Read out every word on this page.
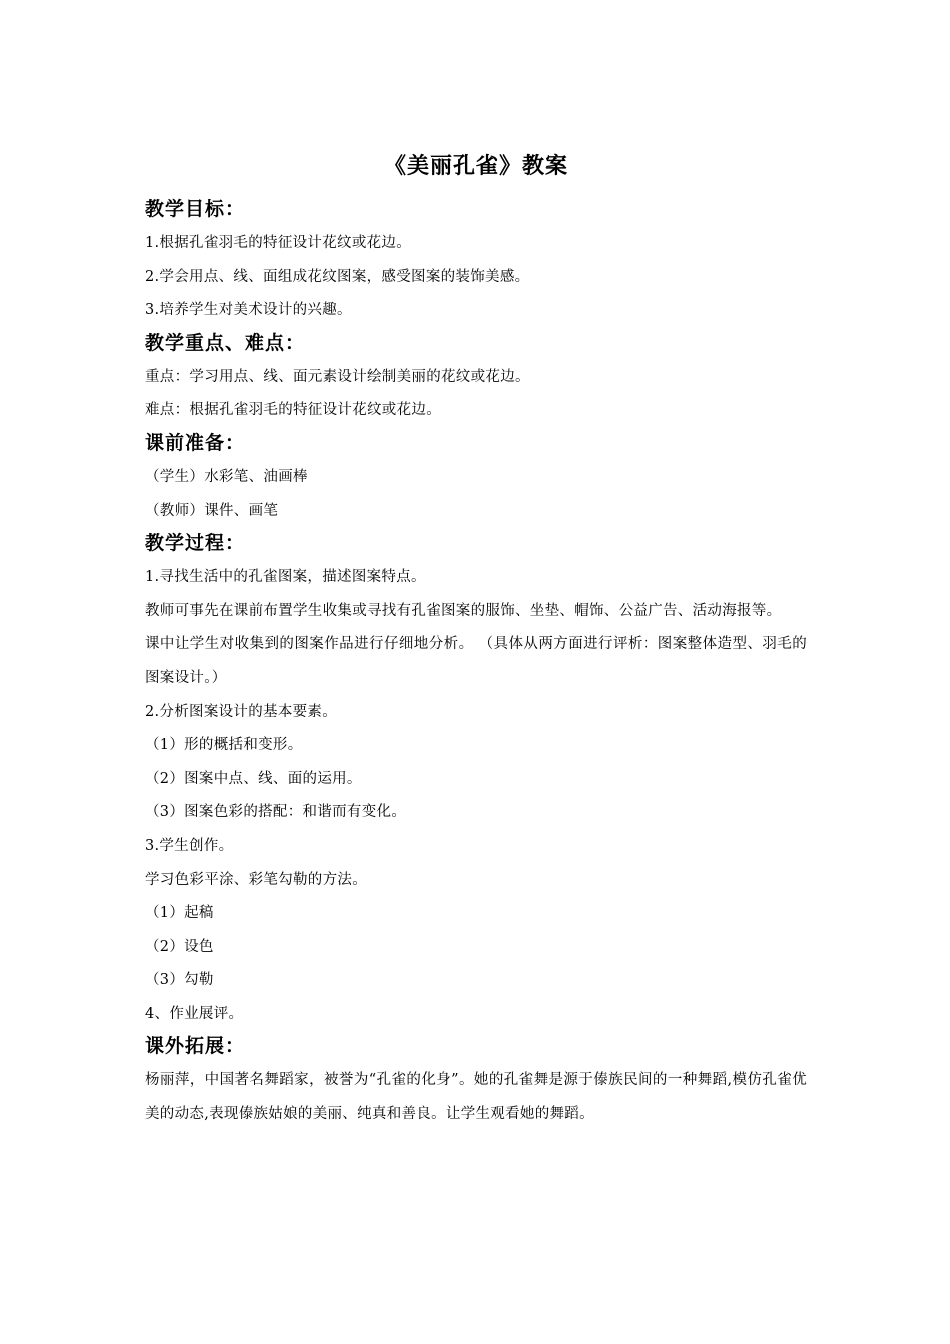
《美丽孔雀》教案
教学目标：

1.根据孔雀羽毛的特征设计花纹或花边。

2.学会用点、线、面组成花纹图案，感受图案的装饰美感。

3.培养学生对美术设计的兴趣。

教学重点、难点：

重点：学习用点、线、面元素设计绘制美丽的花纹或花边。

难点：根据孔雀羽毛的特征设计花纹或花边。

课前准备：

（学生）水彩笔、油画棒

（教师）课件、画笔

教学过程：

1.寻找生活中的孔雀图案，描述图案特点。

教师可事先在课前布置学生收集或寻找有孔雀图案的服饰、坐垫、帽饰、公益广告、活动海报等。

课中让学生对收集到的图案作品进行仔细地分析。 （具体从两方面进行评析：图案整体造型、羽毛的图案设计。）

2.分析图案设计的基本要素。

（1）形的概括和变形。

（2）图案中点、线、面的运用。

（3）图案色彩的搭配：和谐而有变化。

3.学生创作。

学习色彩平涂、彩笔勾勒的方法。

（1）起稿

（2）设色

（3）勾勒

4、作业展评。

课外拓展：

杨丽萍，中国著名舞蹈家，被誉为“孔雀的化身”。她的孔雀舞是源于傣族民间的一种舞蹈,模仿孔雀优美的动态,表现傣族姑娘的美丽、纯真和善良。让学生观看她的舞蹈。
